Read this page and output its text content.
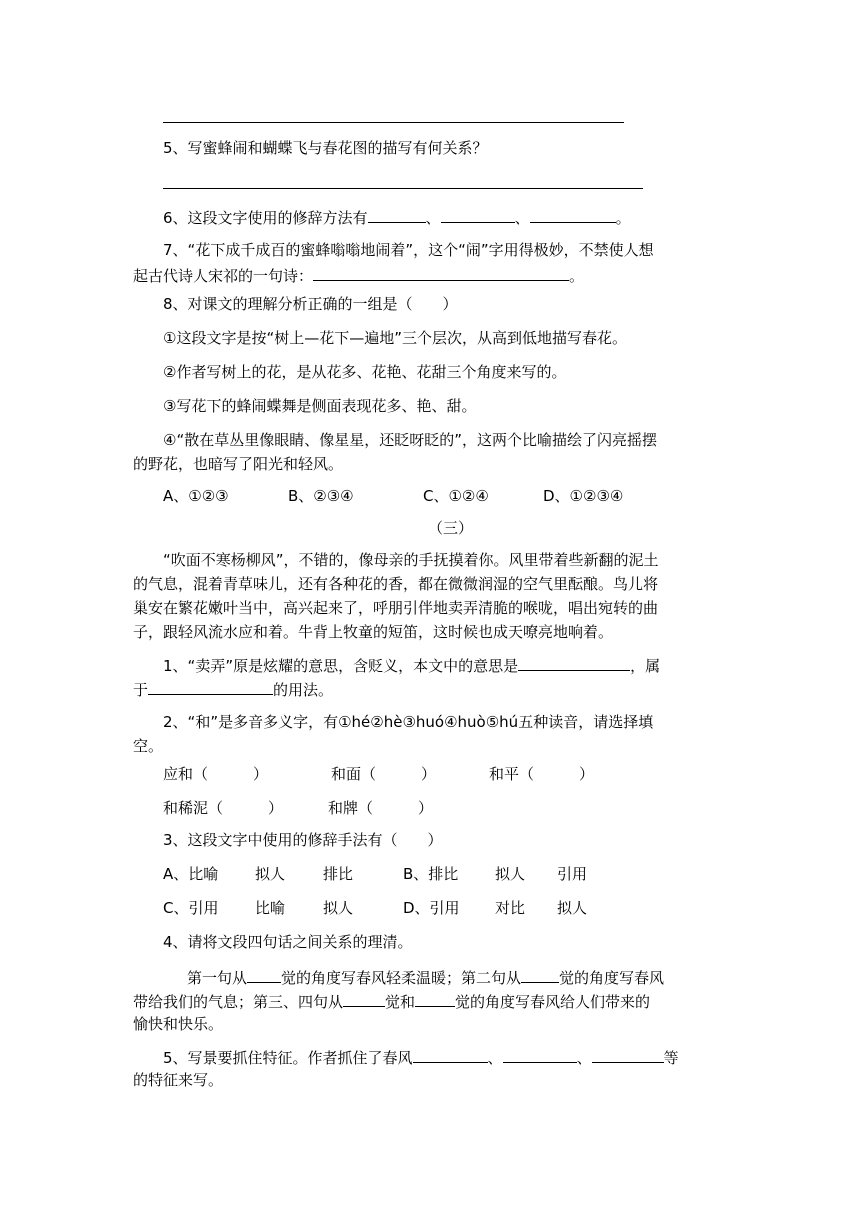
5、写蜜蜂闹和蝴蝶飞与春花图的描写有何关系？
6、这段文字使用的修辞方法有	、	、	。
7、“花下成千成百的蜜蜂嗡嗡地闹着”，这个“闹”字用得极妙，不禁使人想
起古代诗人宋祁的一句诗：	。
8、对课文的理解分析正确的一组是（　　）
①这段文字是按“树上—花下—遍地”三个层次，从高到低地描写春花。
②作者写树上的花，是从花多、花艳、花甜三个角度来写的。
③写花下的蜂闹蝶舞是侧面表现花多、艳、甜。
④“散在草丛里像眼睛、像星星，还眨呀眨的”，这两个比喻描绘了闪亮摇摆
的野花，也暗写了阳光和轻风。
A、①②③	B、②③④	C、①②④	D、①②③④
（三）
“吹面不寒杨柳风”，不错的，像母亲的手抚摸着你。风里带着些新翻的泥土
的气息，混着青草味儿，还有各种花的香，都在微微润湿的空气里酝酿。鸟儿将
巢安在繁花嫩叶当中，高兴起来了，呼朋引伴地卖弄清脆的喉咙，唱出宛转的曲
子，跟轻风流水应和着。牛背上牧童的短笛，这时候也成天嘹亮地响着。
1、“卖弄”原是炫耀的意思，含贬义，本文中的意思是	，属
于	的用法。
2、“和”是多音多义字，有①hé②hè③huó④huò⑤hú五种读音，请选择填
空。
应和（　　　）	和面（　　　）	和平（　　　）
和稀泥（　　　）	和牌（　　　）
3、这段文字中使用的修辞手法有（　　）
A、比喻 拟人	排比	B、排比 拟人 引用
C、引用 比喻	拟人	D、引用 对比 拟人
4、请将文段四句话之间关系的理清。
第一句从 觉的角度写春风轻柔温暖；第二句从	觉的角度写春风
带给我们的气息；第三、四句从	觉和	觉的角度写春风给人们带来的
愉快和快乐。
5、写景要抓住特征。作者抓住了春风	、	、	等
的特征来写。
